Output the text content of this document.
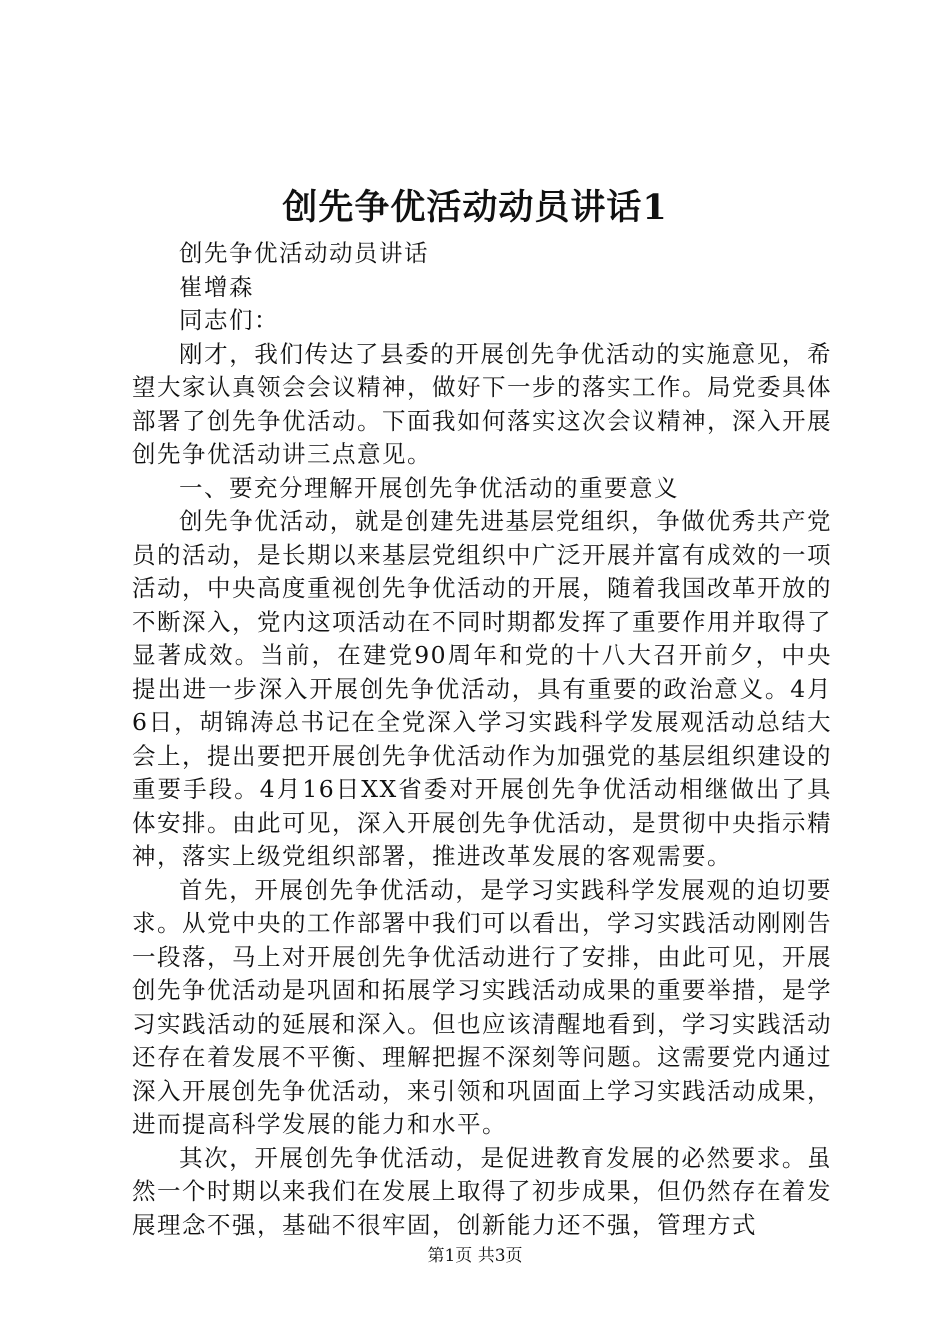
创先争优活动动员讲话1

创先争优活动动员讲话

崔增森

同志们：

刚才，我们传达了县委的开展创先争优活动的实施意见，希望大家认真领会会议精神，做好下一步的落实工作。局党委具体部署了创先争优活动。下面我如何落实这次会议精神，深入开展创先争优活动讲三点意见。

一、要充分理解开展创先争优活动的重要意义

创先争优活动，就是创建先进基层党组织，争做优秀共产党员的活动，是长期以来基层党组织中广泛开展并富有成效的一项活动，中央高度重视创先争优活动的开展，随着我国改革开放的不断深入，党内这项活动在不同时期都发挥了重要作用并取得了显著成效。当前，在建党90周年和党的十八大召开前夕，中央提出进一步深入开展创先争优活动，具有重要的政治意义。4月6日，胡锦涛总书记在全党深入学习实践科学发展观活动总结大会上，提出要把开展创先争优活动作为加强党的基层组织建设的重要手段。4月16日XX省委对开展创先争优活动相继做出了具体安排。由此可见，深入开展创先争优活动，是贯彻中央指示精神，落实上级党组织部署，推进改革发展的客观需要。

首先，开展创先争优活动，是学习实践科学发展观的迫切要求。从党中央的工作部署中我们可以看出，学习实践活动刚刚告一段落，马上对开展创先争优活动进行了安排，由此可见，开展创先争优活动是巩固和拓展学习实践活动成果的重要举措，是学习实践活动的延展和深入。但也应该清醒地看到，学习实践活动还存在着发展不平衡、理解把握不深刻等问题。这需要党内通过深入开展创先争优活动，来引领和巩固面上学习实践活动成果，进而提高科学发展的能力和水平。

其次，开展创先争优活动，是促进教育发展的必然要求。虽然一个时期以来我们在发展上取得了初步成果，但仍然存在着发展理念不强，基础不很牢固，创新能力还不强，管理方式

第1页 共3页
